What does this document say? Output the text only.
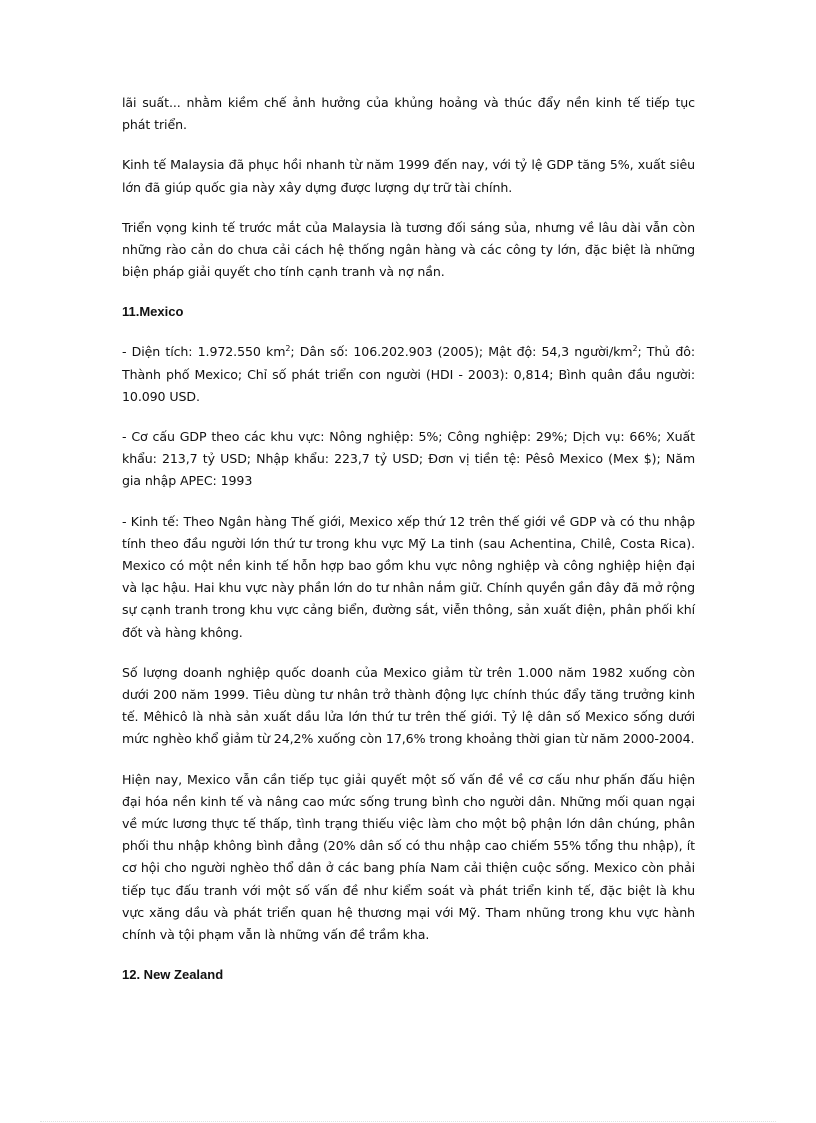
lãi suất... nhằm kiềm chế ảnh hưởng của khủng hoảng và thúc đẩy nền kinh tế tiếp tục phát triển.

Kinh tế Malaysia đã phục hồi nhanh từ năm 1999 đến nay, với tỷ lệ GDP tăng 5%, xuất siêu lớn đã giúp quốc gia này xây dựng được lượng dự trữ tài chính.

Triển vọng kinh tế trước mắt của Malaysia là tương đối sáng sủa, nhưng về lâu dài vẫn còn những rào cản do chưa cải cách hệ thống ngân hàng và các công ty lớn, đặc biệt là những biện pháp giải quyết cho tính cạnh tranh và nợ nần.

11.Mexico

- Diện tích: 1.972.550 $km^2$; Dân số: 106.202.903 (2005); Mật độ: 54,3 người/$km^2$; Thủ đô: Thành phố Mexico; Chỉ số phát triển con người (HDI - 2003): 0,814; Bình quân đầu người: 10.090 USD.

- Cơ cấu GDP theo các khu vực: Nông nghiệp: 5%; Công nghiệp: 29%; Dịch vụ: 66%; Xuất khẩu: 213,7 tỷ USD; Nhập khẩu: 223,7 tỷ USD; Đơn vị tiền tệ: Pêsô Mexico (Mex $); Năm gia nhập APEC: 1993

- Kinh tế: Theo Ngân hàng Thế giới, Mexico xếp thứ 12 trên thế giới về GDP và có thu nhập tính theo đầu người lớn thứ tư trong khu vực Mỹ La tinh (sau Achentina, Chilê, Costa Rica). Mexico có một nền kinh tế hỗn hợp bao gồm khu vực nông nghiệp và công nghiệp hiện đại và lạc hậu. Hai khu vực này phần lớn do tư nhân nắm giữ. Chính quyền gần đây đã mở rộng sự cạnh tranh trong khu vực cảng biển, đường sắt, viễn thông, sản xuất điện, phân phối khí đốt và hàng không.

Số lượng doanh nghiệp quốc doanh của Mexico giảm từ trên 1.000 năm 1982 xuống còn dưới 200 năm 1999. Tiêu dùng tư nhân trở thành động lực chính thúc đẩy tăng trưởng kinh tế. Mêhicô là nhà sản xuất dầu lửa lớn thứ tư trên thế giới. Tỷ lệ dân số Mexico sống dưới mức nghèo khổ giảm từ 24,2% xuống còn 17,6% trong khoảng thời gian từ năm 2000-2004.

Hiện nay, Mexico vẫn cần tiếp tục giải quyết một số vấn đề về cơ cấu như phấn đấu hiện đại hóa nền kinh tế và nâng cao mức sống trung bình cho người dân. Những mối quan ngại về mức lương thực tế thấp, tình trạng thiếu việc làm cho một bộ phận lớn dân chúng, phân phối thu nhập không bình đẳng (20% dân số có thu nhập cao chiếm 55% tổng thu nhập), ít cơ hội cho người nghèo thổ dân ở các bang phía Nam cải thiện cuộc sống. Mexico còn phải tiếp tục đấu tranh với một số vấn đề như kiểm soát và phát triển kinh tế, đặc biệt là khu vực xăng dầu và phát triển quan hệ thương mại với Mỹ. Tham nhũng trong khu vực hành chính và tội phạm vẫn là những vấn đề trầm kha.

12. New Zealand
